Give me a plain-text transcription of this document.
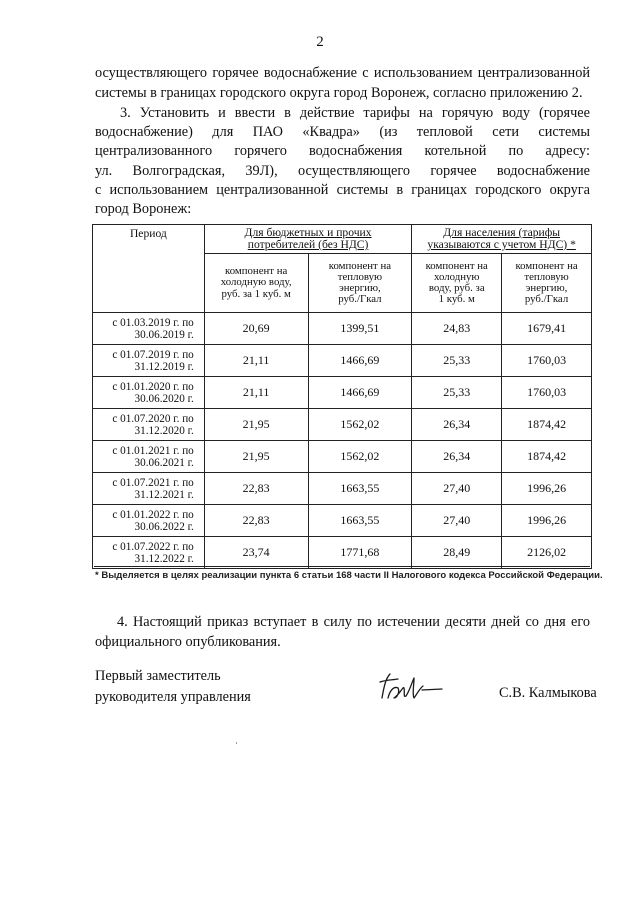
2
осуществляющего горячее водоснабжение с использованием централизованной
системы в границах городского округа город Воронеж, согласно приложению 2.
3. Установить и ввести в действие тарифы на горячую воду (горячее
водоснабжение) для ПАО «Квадра» (из тепловой сети системы
централизованного горячего водоснабжения котельной по адресу:
ул. Волгоградская, 39Л), осуществляющего горячее водоснабжение
с использованием централизованной системы в границах городского округа
город Воронеж:
Период	Для бюджетных и прочих
потребителей (без НДС)		Для населения (тарифы
указываются с учетом НДС) *	
	компонент на
холодную воду,
руб. за 1 куб. м	компонент на
тепловую
энергию,
руб./Гкал	компонент на
холодную
воду, руб. за
1 куб. м	компонент на
тепловую
энергию,
руб./Гкал
с 01.03.2019 г. по
30.06.2019 г.	20,69	1399,51	24,83	1679,41
с 01.07.2019 г. по
31.12.2019 г.	21,11	1466,69	25,33	1760,03
с 01.01.2020 г. по
30.06.2020 г.	21,11	1466,69	25,33	1760,03
с 01.07.2020 г. по
31.12.2020 г.	21,95	1562,02	26,34	1874,42
с 01.01.2021 г. по
30.06.2021 г.	21,95	1562,02	26,34	1874,42
с 01.07.2021 г. по
31.12.2021 г.	22,83	1663,55	27,40	1996,26
с 01.01.2022 г. по
30.06.2022 г.	22,83	1663,55	27,40	1996,26
с 01.07.2022 г. по
31.12.2022 г.	23,74	1771,68	28,49	2126,02
* Выделяется в целях реализации пункта 6 статьи 168 части II Налогового кодекса Российской Федерации.
4. Настоящий приказ вступает в силу по истечении десяти дней со дня его
официального опубликования.
Первый заместитель
руководителя управления	С.В. Калмыкова
